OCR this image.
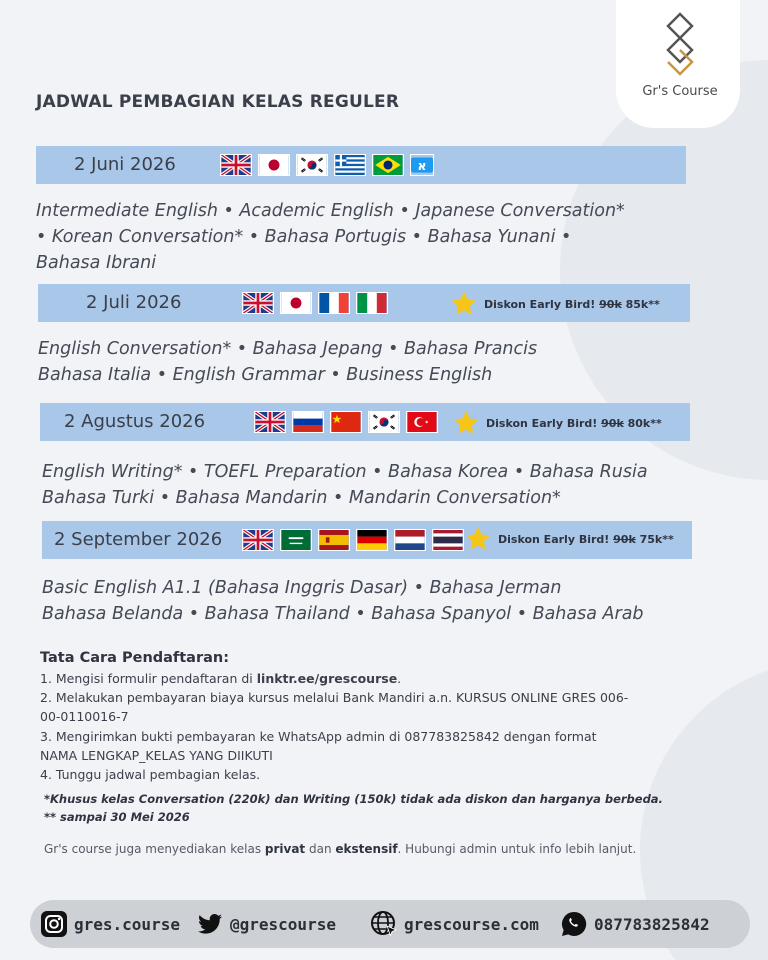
Gr's Course
JADWAL PEMBAGIAN KELAS REGULER
2 Juni 2026	א
Intermediate English • Academic English • Japanese Conversation*
• Korean Conversation* • Bahasa Portugis • Bahasa Yunani •
Bahasa Ibrani
2 Juli 2026	Diskon Early Bird! 90k 85k**
English Conversation* • Bahasa Jepang • Bahasa Prancis
Bahasa Italia • English Grammar • Business English
2 Agustus 2026	Diskon Early Bird! 90k 80k**
English Writing* • TOEFL Preparation • Bahasa Korea • Bahasa Rusia
Bahasa Turki • Bahasa Mandarin • Mandarin Conversation*
2 September 2026	Diskon Early Bird! 90k 75k**
Basic English A1.1 (Bahasa Inggris Dasar) • Bahasa Jerman
Bahasa Belanda • Bahasa Thailand • Bahasa Spanyol • Bahasa Arab
Tata Cara Pendaftaran:
1. Mengisi formulir pendaftaran di linktr.ee/grescourse.
2. Melakukan pembayaran biaya kursus melalui Bank Mandiri a.n. KURSUS ONLINE GRES 006-
00-0110016-7
3. Mengirimkan bukti pembayaran ke WhatsApp admin di 087783825842 dengan format
NAMA LENGKAP_KELAS YANG DIIKUTI
4. Tunggu jadwal pembagian kelas.
*Khusus kelas Conversation (220k) dan Writing (150k) tidak ada diskon dan harganya berbeda.
** sampai 30 Mei 2026
Gr's course juga menyediakan kelas privat dan ekstensif. Hubungi admin untuk info lebih lanjut.
gres.course	@grescourse	grescourse.com	087783825842
